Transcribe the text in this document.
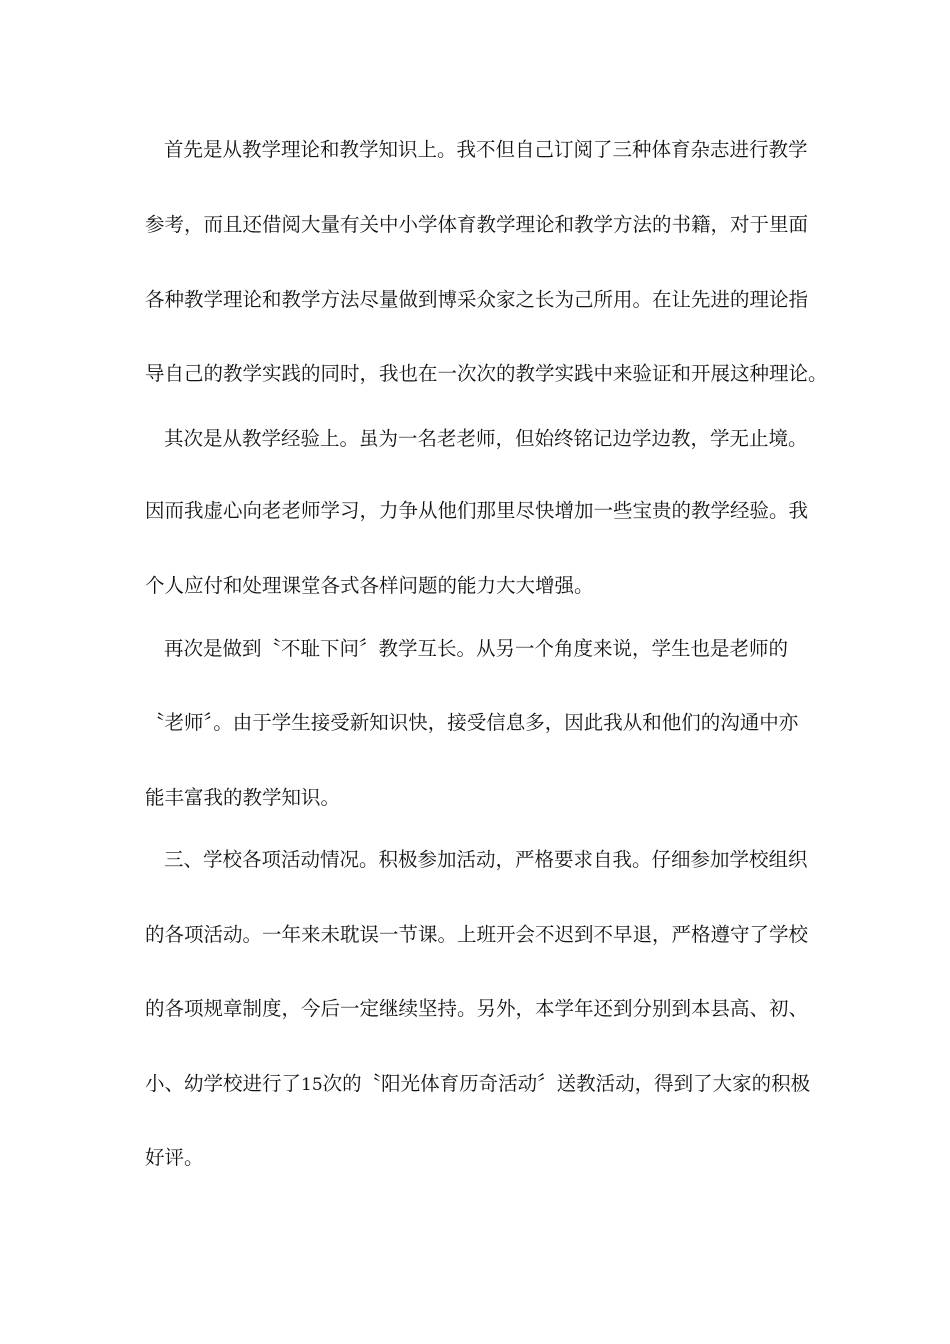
首先是从教学理论和教学知识上。我不但自己订阅了三种体育杂志进行教学
参考，而且还借阅大量有关中小学体育教学理论和教学方法的书籍，对于里面
各种教学理论和教学方法尽量做到博采众家之长为己所用。在让先进的理论指
导自己的教学实践的同时，我也在一次次的教学实践中来验证和开展这种理论。
其次是从教学经验上。虽为一名老老师，但始终铭记边学边教，学无止境。
因而我虚心向老老师学习，力争从他们那里尽快增加一些宝贵的教学经验。我
个人应付和处理课堂各式各样问题的能力大大增强。
再次是做到〝不耻下问〞教学互长。从另一个角度来说，学生也是老师的
〝老师〞。由于学生接受新知识快，接受信息多，因此我从和他们的沟通中亦
能丰富我的教学知识。
三、学校各项活动情况。积极参加活动，严格要求自我。仔细参加学校组织
的各项活动。一年来未耽误一节课。上班开会不迟到不早退，严格遵守了学校
的各项规章制度，今后一定继续坚持。另外，本学年还到分别到本县高、初、
小、幼学校进行了15次的〝阳光体育历奇活动〞送教活动，得到了大家的积极
好评。
